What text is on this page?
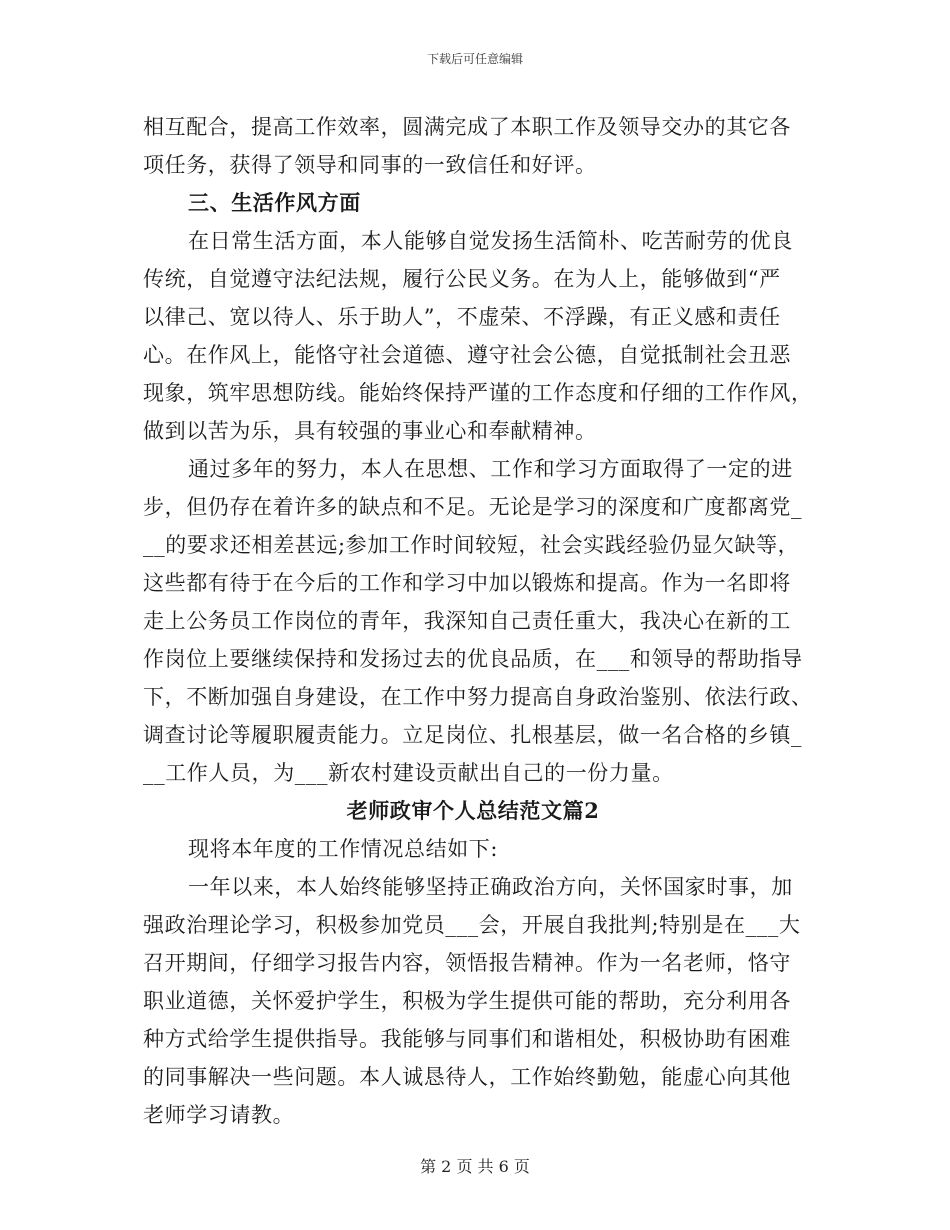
下载后可任意编辑
相互配合，提高工作效率，圆满完成了本职工作及领导交办的其它各
项任务，获得了领导和同事的一致信任和好评。
三、生活作风方面
在日常生活方面，本人能够自觉发扬生活简朴、吃苦耐劳的优良
传统，自觉遵守法纪法规，履行公民义务。在为人上，能够做到“严
以律己、宽以待人、乐于助人”，不虚荣、不浮躁，有正义感和责任
心。在作风上，能恪守社会道德、遵守社会公德，自觉抵制社会丑恶
现象，筑牢思想防线。能始终保持严谨的工作态度和仔细的工作作风，
做到以苦为乐，具有较强的事业心和奉献精神。
通过多年的努力，本人在思想、工作和学习方面取得了一定的进
步，但仍存在着许多的缺点和不足。无论是学习的深度和广度都离党_
__的要求还相差甚远;参加工作时间较短，社会实践经验仍显欠缺等，
这些都有待于在今后的工作和学习中加以锻炼和提高。作为一名即将
走上公务员工作岗位的青年，我深知自己责任重大，我决心在新的工
作岗位上要继续保持和发扬过去的优良品质，在___和领导的帮助指导
下，不断加强自身建设，在工作中努力提高自身政治鉴别、依法行政、
调查讨论等履职履责能力。立足岗位、扎根基层，做一名合格的乡镇_
__工作人员，为___新农村建设贡献出自己的一份力量。
老师政审个人总结范文篇2
现将本年度的工作情况总结如下:
一年以来，本人始终能够坚持正确政治方向，关怀国家时事，加
强政治理论学习，积极参加党员___会，开展自我批判;特别是在___大
召开期间，仔细学习报告内容，领悟报告精神。作为一名老师，恪守
职业道德，关怀爱护学生，积极为学生提供可能的帮助，充分利用各
种方式给学生提供指导。我能够与同事们和谐相处，积极协助有困难
的同事解决一些问题。本人诚恳待人，工作始终勤勉，能虚心向其他
老师学习请教。
第 2 页 共 6 页
